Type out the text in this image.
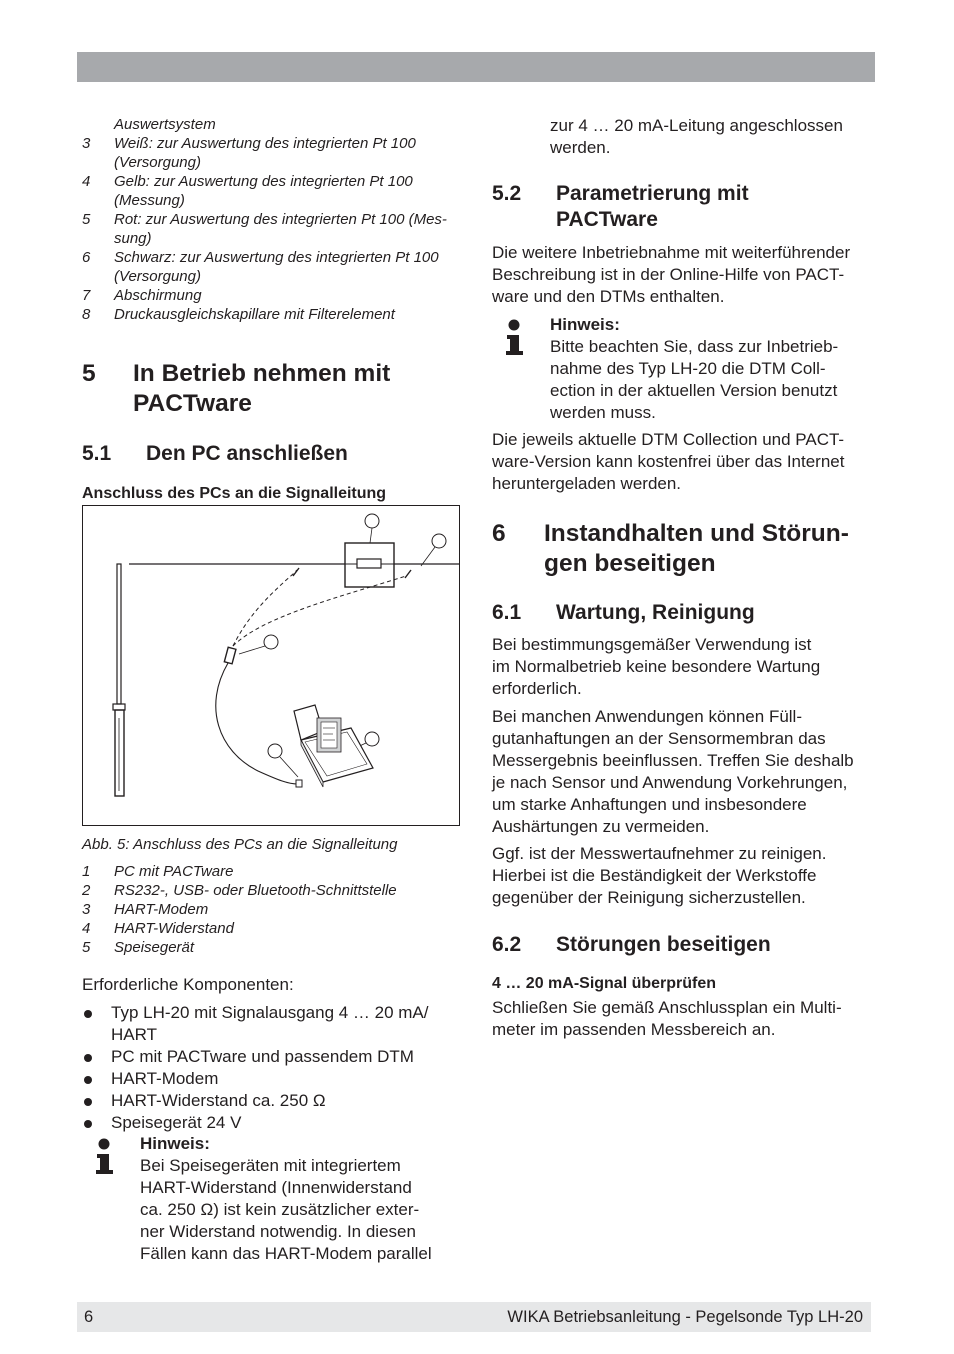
Auswertsystem
3	Weiß: zur Auswertung des integrierten Pt 100
(Versorgung)
4	Gelb: zur Auswertung des integrierten Pt 100
(Messung)
5	Rot: zur Auswertung des integrierten Pt 100 (Mes-
sung)
6	Schwarz: zur Auswertung des integrierten Pt 100
(Versorgung)
7	Abschirmung
8	Druckausgleichskapillare mit Filterelement
5 In Betrieb nehmen mit PACTware
5.1 Den PC anschließen
Anschluss des PCs an die Signalleitung
Abb. 5: Anschluss des PCs an die Signalleitung
1	PC mit PACTware
2	RS232-, USB- oder Bluetooth-Schnittstelle
3	HART-Modem
4	HART-Widerstand
5	Speisegerät
Erforderliche Komponenten:
Typ LH-20 mit Signalausgang 4 … 20 mA/
HART
PC mit PACTware und passendem DTM
HART-Modem
HART-Widerstand ca. 250 Ω
Speisegerät 24 V
Hinweis:
Bei Speisegeräten mit integriertem
HART-Widerstand (Innenwiderstand
ca. 250 Ω) ist kein zusätzlicher exter-
ner Widerstand notwendig. In diesen
Fällen kann das HART-Modem parallel
zur 4 … 20 mA-Leitung angeschlossen
werden.
5.2 Parametrierung mit
PACTware
Die weitere Inbetriebnahme mit weiterführender
Beschreibung ist in der Online-Hilfe von PACT-
ware und den DTMs enthalten.
Hinweis:
Bitte beachten Sie, dass zur Inbetrieb-
nahme des Typ LH-20 die DTM Coll-
ection in der aktuellen Version benutzt
werden muss.
Die jeweils aktuelle DTM Collection und PACT-
ware-Version kann kostenfrei über das Internet
heruntergeladen werden.
6 Instandhalten und Störun-
gen beseitigen
6.1 Wartung, Reinigung
Bei bestimmungsgemäßer Verwendung ist
im Normalbetrieb keine besondere Wartung
erforderlich.
Bei manchen Anwendungen können Füll-
gutanhaftungen an der Sensormembran das
Messergebnis beeinflussen. Treffen Sie deshalb
je nach Sensor und Anwendung Vorkehrungen,
um starke Anhaftungen und insbesondere
Aushärtungen zu vermeiden.
Ggf. ist der Messwertaufnehmer zu reinigen.
Hierbei ist die Beständigkeit der Werkstoffe
gegenüber der Reinigung sicherzustellen.
6.2 Störungen beseitigen
4 … 20 mA-Signal überprüfen
Schließen Sie gemäß Anschlussplan ein Multi-
meter im passenden Messbereich an.
6	WIKA Betriebsanleitung - Pegelsonde Typ LH-20
